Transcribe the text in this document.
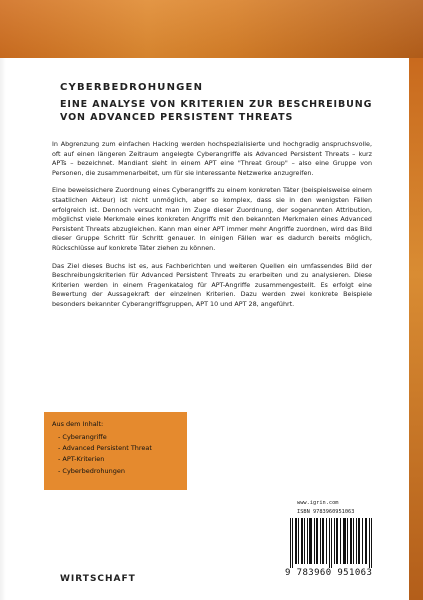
CYBERBEDROHUNGEN
EINE ANALYSE VON KRITERIEN ZUR BESCHREIBUNG VON ADVANCED PERSISTENT THREATS

In Abgrenzung zum einfachen Hacking werden hochspezialisierte und hochgradig anspruchsvolle, oft auf einen längeren Zeitraum angelegte Cyberangriffe als Advanced Persistent Threats – kurz APTs – bezeichnet. Mandiant sieht in einem APT eine "Threat Group" – also eine Gruppe von Personen, die zusammenarbeitet, um für sie interessante Netzwerke anzugreifen.

Eine beweissichere Zuordnung eines Cyberangriffs zu einem konkreten Täter (beispielsweise einem staatlichen Akteur) ist nicht unmöglich, aber so komplex, dass sie in den wenigsten Fällen erfolgreich ist. Dennoch versucht man im Zuge dieser Zuordnung, der sogenannten Attribution, möglichst viele Merkmale eines konkreten Angriffs mit den bekannten Merkmalen eines Advanced Persistent Threats abzugleichen. Kann man einer APT immer mehr Angriffe zuordnen, wird das Bild dieser Gruppe Schritt für Schritt genauer. In einigen Fällen war es dadurch bereits möglich, Rückschlüsse auf konkrete Täter ziehen zu können.

Das Ziel dieses Buchs ist es, aus Fachberichten und weiteren Quellen ein umfassendes Bild der Beschreibungskriterien für Advanced Persistent Threats zu erarbeiten und zu analysieren. Diese Kriterien werden in einem Fragenkatalog für APT-Angriffe zusammengestellt. Es erfolgt eine Bewertung der Aussagekraft der einzelnen Kriterien. Dazu werden zwei konkrete Beispiele besonders bekannter Cyberangriffsgruppen, APT 10 und APT 28, angeführt.

Aus dem Inhalt:
- Cyberangriffe
- Advanced Persistent Threat
- APT-Kriterien
- Cyberbedrohungen
www.igrin.com
ISBN 9783960951063
9 783960 951063
WIRTSCHAFT
